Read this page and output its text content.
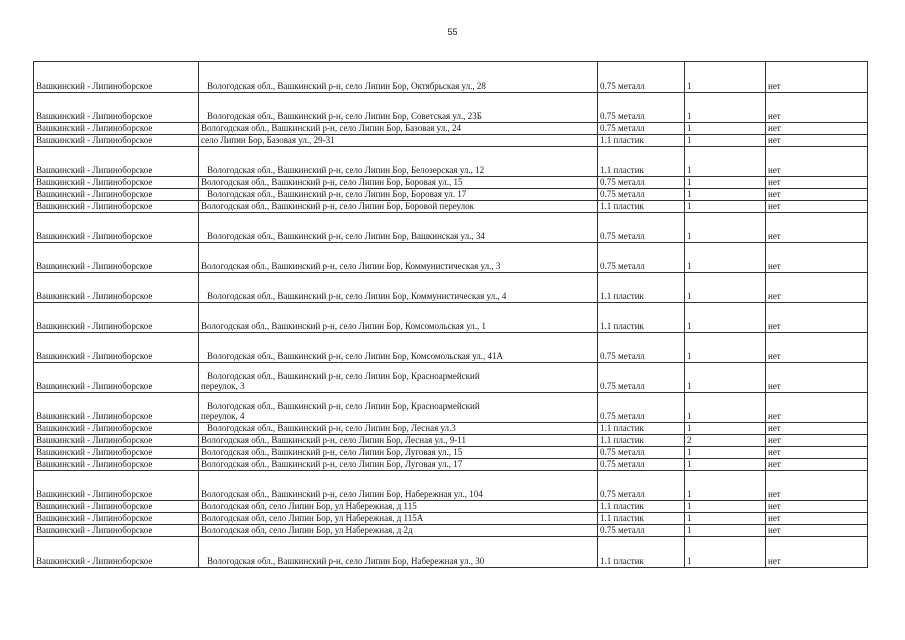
55
Вашкинский - Липиноборское	Вологодская обл., Вашкинский р-н, село Липин Бор, Октябрьская ул., 28	0.75 металл	1	нет
Вашкинский - Липиноборское	Вологодская обл., Вашкинский р-н, село Липин Бор, Советская ул., 23Б	0.75 металл	1	нет
Вашкинский - Липиноборское	Вологодская обл., Вашкинский р-н, село Липин Бор, Базовая ул., 24	0.75 металл	1	нет
Вашкинский - Липиноборское	село Липин Бор, Базовая ул., 29-31	1.1 пластик	1	нет
Вашкинский - Липиноборское	Вологодская обл., Вашкинский р-н, село Липин Бор, Белозерская ул., 12	1.1 пластик	1	нет
Вашкинский - Липиноборское	Вологодская обл., Вашкинский р-н, село Липин Бор, Боровая ул., 15	0.75 металл	1	нет
Вашкинский - Липиноборское	Вологодская обл., Вашкинский р-н, село Липин Бор, Боровая ул. 17	0.75 металл	1	нет
Вашкинский - Липиноборское	Вологодская обл., Вашкинский р-н, село Липин Бор, Боровой переулок	1.1 пластик	1	нет
Вашкинский - Липиноборское	Вологодская обл., Вашкинский р-н, село Липин Бор, Вашкинская ул., 34	0.75 металл	1	нет
Вашкинский - Липиноборское	Вологодская обл., Вашкинский р-н, село Липин Бор, Коммунистическая ул., 3	0.75 металл	1	нет
Вашкинский - Липиноборское	Вологодская обл., Вашкинский р-н, село Липин Бор, Коммунистическая ул., 4	1.1 пластик	1	нет
Вашкинский - Липиноборское	Вологодская обл., Вашкинский р-н, село Липин Бор, Комсомольская ул., 1	1.1 пластик	1	нет
Вашкинский - Липиноборское	Вологодская обл., Вашкинский р-н, село Липин Бор, Комсомольская ул., 41А	0.75 металл	1	нет
Вашкинский - Липиноборское	Вологодская обл., Вашкинский р-н, село Липин Бор, Красноармейский
переулок, 3	0.75 металл	1	нет
Вашкинский - Липиноборское	Вологодская обл., Вашкинский р-н, село Липин Бор, Красноармейский
переулок, 4	0.75 металл	1	нет
Вашкинский - Липиноборское	Вологодская обл., Вашкинский р-н, село Липин Бор, Лесная ул.3	1.1 пластик	1	нет
Вашкинский - Липиноборское	Вологодская обл., Вашкинский р-н, село Липин Бор, Лесная ул., 9-11	1.1 пластик	2	нет
Вашкинский - Липиноборское	Вологодская обл., Вашкинский р-н, село Липин Бор, Луговая ул., 15	0.75 металл	1	нет
Вашкинский - Липиноборское	Вологодская обл., Вашкинский р-н, село Липин Бор, Луговая ул., 17	0.75 металл	1	нет
Вашкинский - Липиноборское	Вологодская обл., Вашкинский р-н, село Липин Бор, Набережная ул., 104	0.75 металл	1	нет
Вашкинский - Липиноборское	Вологодская обл, село Липин Бор, ул Набережная, д 115	1.1 пластик	1	нет
Вашкинский - Липиноборское	Вологодская обл, село Липин Бор, ул Набережная, д 115А	1.1 пластик	1	нет
Вашкинский - Липиноборское	Вологодская обл, село Липин Бор, ул Набережная, д 2д	0.75 металл	1	нет
Вашкинский - Липиноборское	Вологодская обл., Вашкинский р-н, село Липин Бор, Набережная ул., 30	1.1 пластик	1	нет
